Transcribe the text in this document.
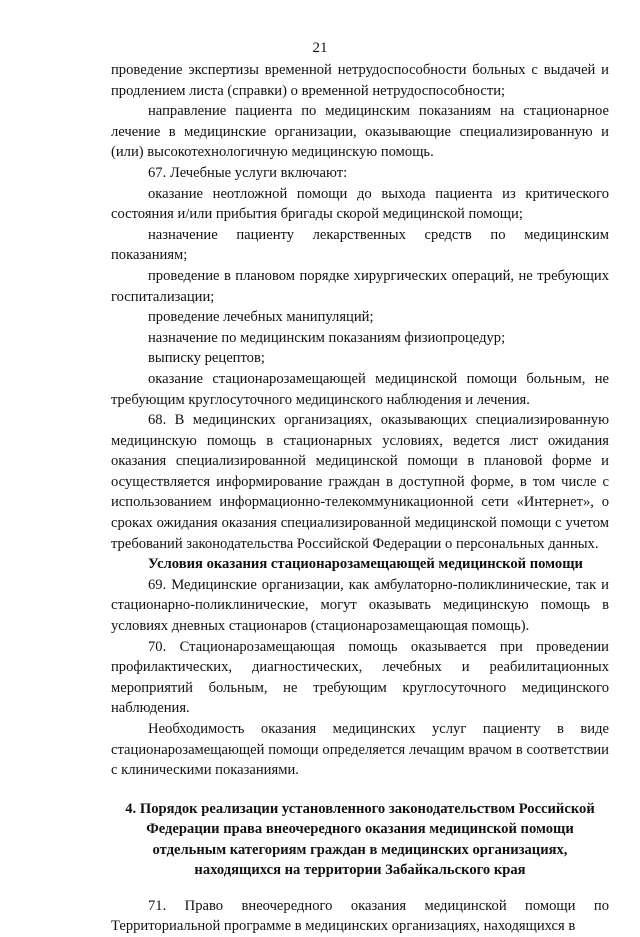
21

проведение экспертизы временной нетрудоспособности больных с выдачей и продлением листа (справки) о временной нетрудоспособности;

направление пациента по медицинским показаниям на стационарное лечение в медицинские организации, оказывающие специализированную и (или) высокотехнологичную медицинскую помощь.

67. Лечебные услуги включают:

оказание неотложной помощи до выхода пациента из критического состояния и/или прибытия бригады скорой медицинской помощи;

назначение пациенту лекарственных средств по медицинским показаниям;

проведение в плановом порядке хирургических операций, не требующих госпитализации;

проведение лечебных манипуляций;

назначение по медицинским показаниям физиопроцедур;

выписку рецептов;

оказание стационарозамещающей медицинской помощи больным, не требующим круглосуточного медицинского наблюдения и лечения.

68. В медицинских организациях, оказывающих специализированную медицинскую помощь в стационарных условиях, ведется лист ожидания оказания специализированной медицинской помощи в плановой форме и осуществляется информирование граждан в доступной форме, в том числе с использованием информационно-телекоммуникационной сети «Интернет», о сроках ожидания оказания специализированной медицинской помощи с учетом требований законодательства Российской Федерации о персональных данных.

Условия оказания стационарозамещающей медицинской помощи

69. Медицинские организации, как амбулаторно-поликлинические, так и стационарно-поликлинические, могут оказывать медицинскую помощь в условиях дневных стационаров (стационарозамещающая помощь).

70. Стационарозамещающая помощь оказывается при проведении профилактических, диагностических, лечебных и реабилитационных мероприятий больным, не требующим круглосуточного медицинского наблюдения.

Необходимость оказания медицинских услуг пациенту в виде стационарозамещающей помощи определяется лечащим врачом в соответствии с клиническими показаниями.

4. Порядок реализации установленного законодательством Российской
Федерации права внеочередного оказания медицинской помощи
отдельным категориям граждан в медицинских организациях,
находящихся на территории Забайкальского края

71. Право внеочередного оказания медицинской помощи по Территориальной программе в медицинских организациях, находящихся в
